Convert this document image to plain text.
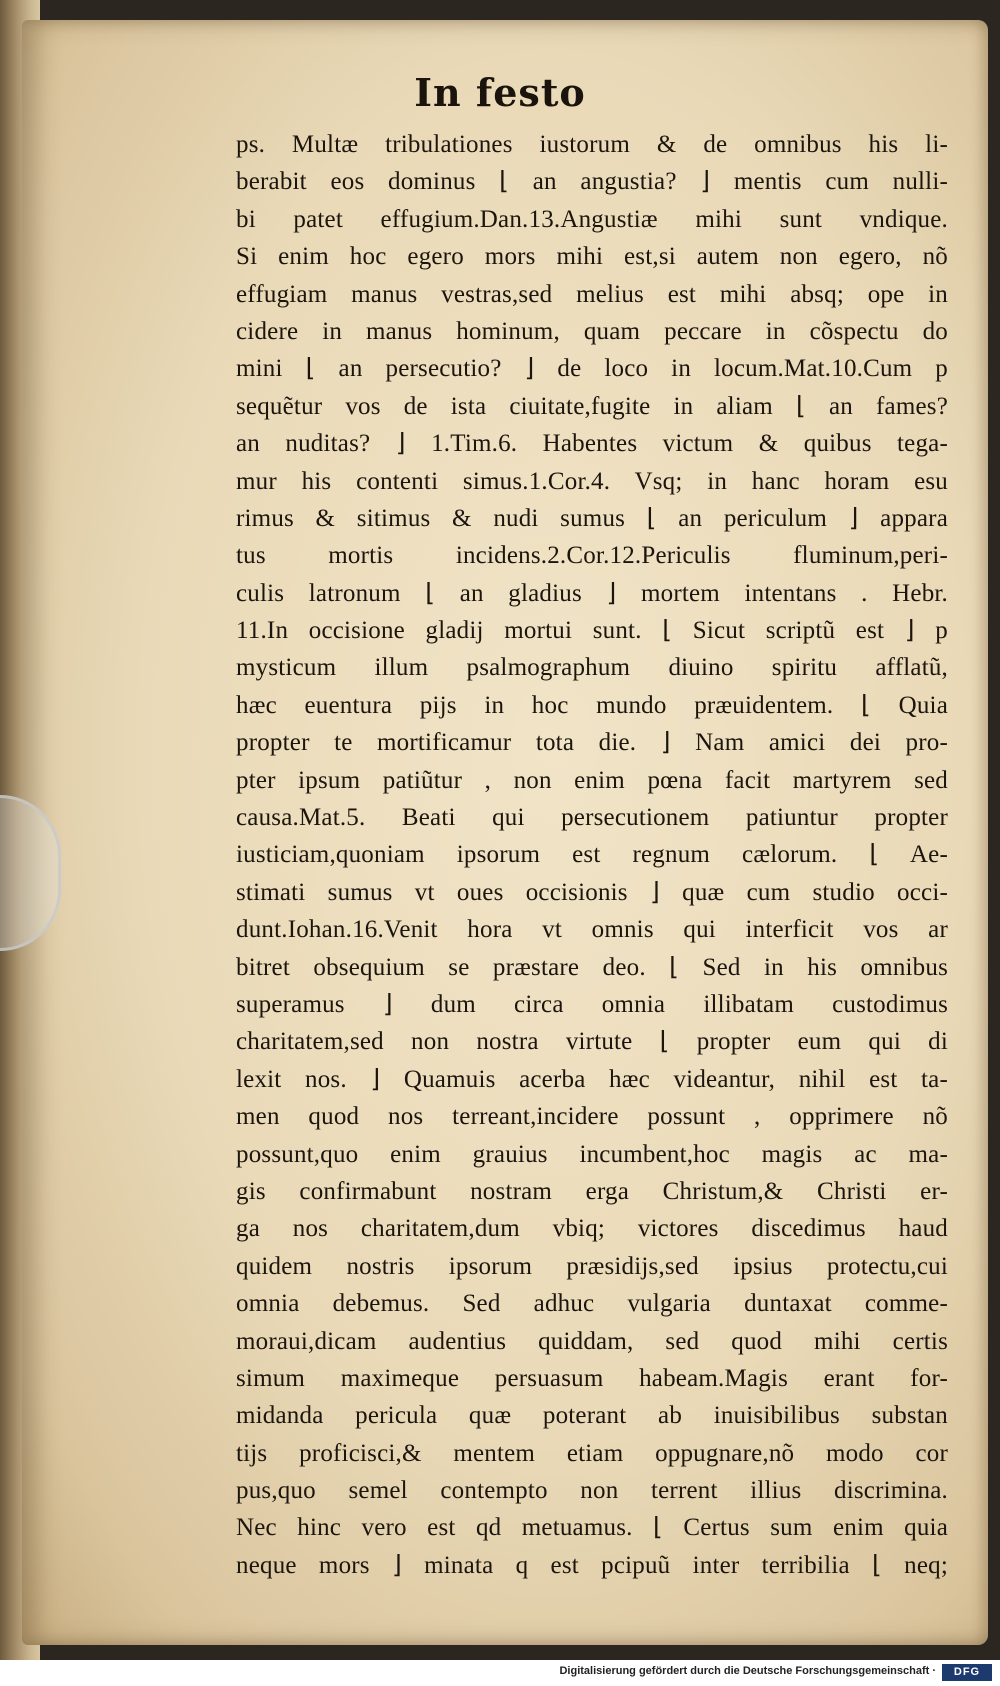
In festo
ps. Multæ tribulationes iustorum & de omnibus his li-
berabit eos dominus ⌊ an angustia? ⌋ mentis cum nulli-
bi patet effugium.Dan.13.Angustiæ mihi sunt vndique.
Si enim hoc egero mors mihi est,si autem non egero, nõ
effugiam manus vestras,sed melius est mihi absq; ope in
cidere in manus hominum, quam peccare in cõspectu do
mini ⌊ an persecutio? ⌋ de loco in locum.Mat.10.Cum p
sequẽtur vos de ista ciuitate,fugite in aliam ⌊ an fames?
an nuditas? ⌋ 1.Tim.6. Habentes victum & quibus tega-
mur his contenti simus.1.Cor.4. Vsq; in hanc horam esu
rimus & sitimus & nudi sumus ⌊ an periculum ⌋ appara
tus mortis incidens.2.Cor.12.Periculis fluminum,peri-
culis latronum ⌊ an gladius ⌋ mortem intentans . Hebr.
11.In occisione gladij mortui sunt. ⌊ Sicut scriptũ est ⌋ p
mysticum illum psalmographum diuino spiritu afflatũ,
hæc euentura pijs in hoc mundo præuidentem. ⌊ Quia
propter te mortificamur tota die. ⌋ Nam amici dei pro-
pter ipsum patiũtur , non enim pœna facit martyrem sed
causa.Mat.5. Beati qui persecutionem patiuntur propter
iusticiam,quoniam ipsorum est regnum cælorum. ⌊ Ae-
stimati sumus vt oues occisionis ⌋ quæ cum studio occi-
dunt.Iohan.16.Venit hora vt omnis qui interficit vos ar
bitret obsequium se præstare deo. ⌊ Sed in his omnibus
superamus ⌋ dum circa omnia illibatam custodimus
charitatem,sed non nostra virtute ⌊ propter eum qui di
lexit nos. ⌋ Quamuis acerba hæc videantur, nihil est ta-
men quod nos terreant,incidere possunt , opprimere nõ
possunt,quo enim grauius incumbent,hoc magis ac ma-
gis confirmabunt nostram erga Christum,& Christi er-
ga nos charitatem,dum vbiq; victores discedimus haud
quidem nostris ipsorum præsidijs,sed ipsius protectu,cui
omnia debemus. Sed adhuc vulgaria duntaxat comme-
moraui,dicam audentius quiddam, sed quod mihi certis
simum maximeque persuasum habeam.Magis erant for-
midanda pericula quæ poterant ab inuisibilibus substan
tijs proficisci,& mentem etiam oppugnare,nõ modo cor
pus,quo semel contempto non terrent illius discrimina.
Nec hinc vero est qd metuamus. ⌊ Certus sum enim quia
neque mors ⌋ minata q est pcipuũ inter terribilia ⌊ neq;
Digitalisierung gefördert durch die Deutsche Forschungsgemeinschaft ·	DFG
